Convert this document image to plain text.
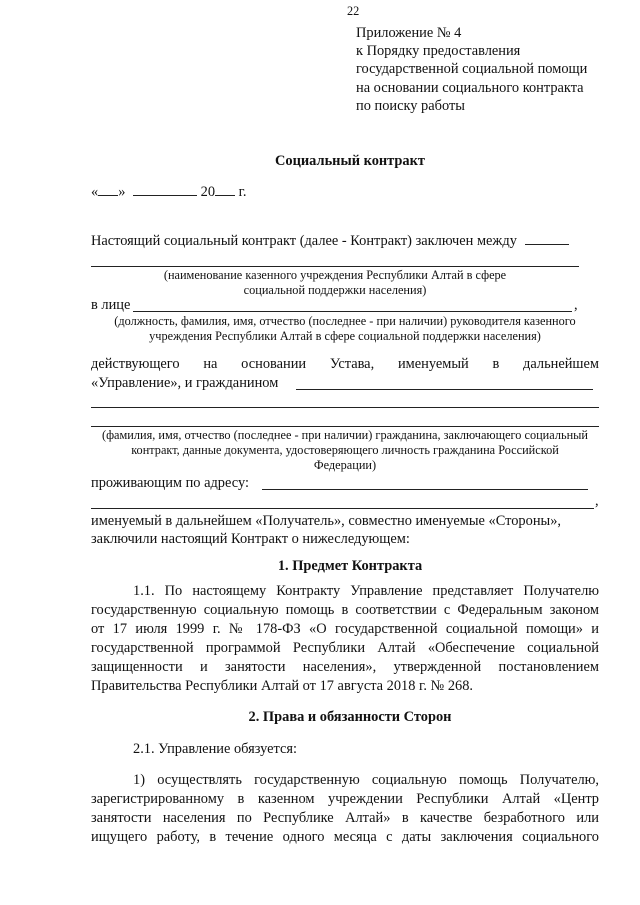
22
Приложение № 4
к Порядку предоставления
государственной социальной помощи
на основании социального контракта
по поиску работы
Социальный контракт
« »	20 г.
Настоящий социальный контракт (далее - Контракт) заключен между
(наименование казенного учреждения Республики Алтай в сфере
социальной поддержки населения)
в лице	,
(должность, фамилия, имя, отчество (последнее - при наличии) руководителя казенного
учреждения Республики Алтай в сфере социальной поддержки населения)
действующего на основании Устава, именуемый в дальнейшем
«Управление», и гражданином
(фамилия, имя, отчество (последнее - при наличии) гражданина, заключающего социальный
контракт, данные документа, удостоверяющего личность гражданина Российской
Федерации)
проживающим по адресу:
,
именуемый в дальнейшем «Получатель», совместно именуемые «Стороны»,
заключили настоящий Контракт о нижеследующем:
1. Предмет Контракта
1.1. По настоящему Контракту Управление представляет Получателю
государственную социальную помощь в соответствии с Федеральным законом
от 17 июля 1999 г. № 178-ФЗ «О государственной социальной помощи» и
государственной программой Республики Алтай «Обеспечение социальной
защищенности и занятости населения», утвержденной постановлением
Правительства Республики Алтай от 17 августа 2018 г. № 268.
2. Права и обязанности Сторон
2.1. Управление обязуется:
1) осуществлять государственную социальную помощь Получателю,
зарегистрированному в казенном учреждении Республики Алтай «Центр
занятости населения по Республике Алтай» в качестве безработного или
ищущего работу, в течение одного месяца с даты заключения социального
